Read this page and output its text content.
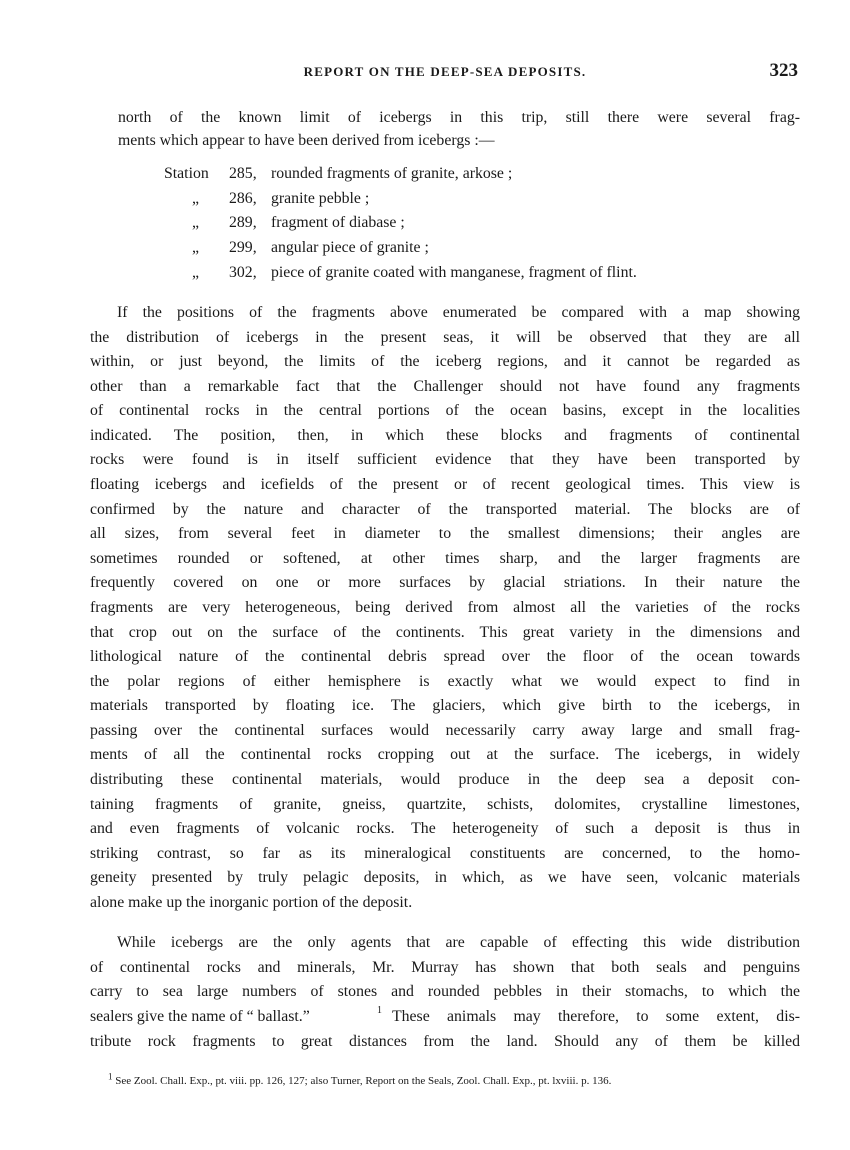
REPORT ON THE DEEP-SEA DEPOSITS.	323
north of the known limit of icebergs in this trip, still there were several frag-
ments which appear to have been derived from icebergs :—
Station 285, rounded fragments of granite, arkose ;
„ 286, granite pebble ;
„ 289, fragment of diabase ;
„ 299, angular piece of granite ;
„ 302, piece of granite coated with manganese, fragment of flint.
If the positions of the fragments above enumerated be compared with a map showing
the distribution of icebergs in the present seas, it will be observed that they are all
within, or just beyond, the limits of the iceberg regions, and it cannot be regarded as
other than a remarkable fact that the Challenger should not have found any fragments
of continental rocks in the central portions of the ocean basins, except in the localities
indicated. The position, then, in which these blocks and fragments of continental
rocks were found is in itself sufficient evidence that they have been transported by
floating icebergs and icefields of the present or of recent geological times. This view is
confirmed by the nature and character of the transported material. The blocks are of
all sizes, from several feet in diameter to the smallest dimensions; their angles are
sometimes rounded or softened, at other times sharp, and the larger fragments are
frequently covered on one or more surfaces by glacial striations. In their nature the
fragments are very heterogeneous, being derived from almost all the varieties of the rocks
that crop out on the surface of the continents. This great variety in the dimensions and
lithological nature of the continental debris spread over the floor of the ocean towards
the polar regions of either hemisphere is exactly what we would expect to find in
materials transported by floating ice. The glaciers, which give birth to the icebergs, in
passing over the continental surfaces would necessarily carry away large and small frag-
ments of all the continental rocks cropping out at the surface. The icebergs, in widely
distributing these continental materials, would produce in the deep sea a deposit con-
taining fragments of granite, gneiss, quartzite, schists, dolomites, crystalline limestones,
and even fragments of volcanic rocks. The heterogeneity of such a deposit is thus in
striking contrast, so far as its mineralogical constituents are concerned, to the homo-
geneity presented by truly pelagic deposits, in which, as we have seen, volcanic materials
alone make up the inorganic portion of the deposit.
While icebergs are the only agents that are capable of effecting this wide distribution
of continental rocks and minerals, Mr. Murray has shown that both seals and penguins
carry to sea large numbers of stones and rounded pebbles in their stomachs, to which the
sealers give the name of “ ballast.”	1 These animals may therefore, to some extent, dis-
tribute rock fragments to great distances from the land. Should any of them be killed
$^1$ See Zool. Chall. Exp., pt. viii. pp. 126, 127; also Turner, Report on the Seals, Zool. Chall. Exp., pt. lxviii. p. 136.
